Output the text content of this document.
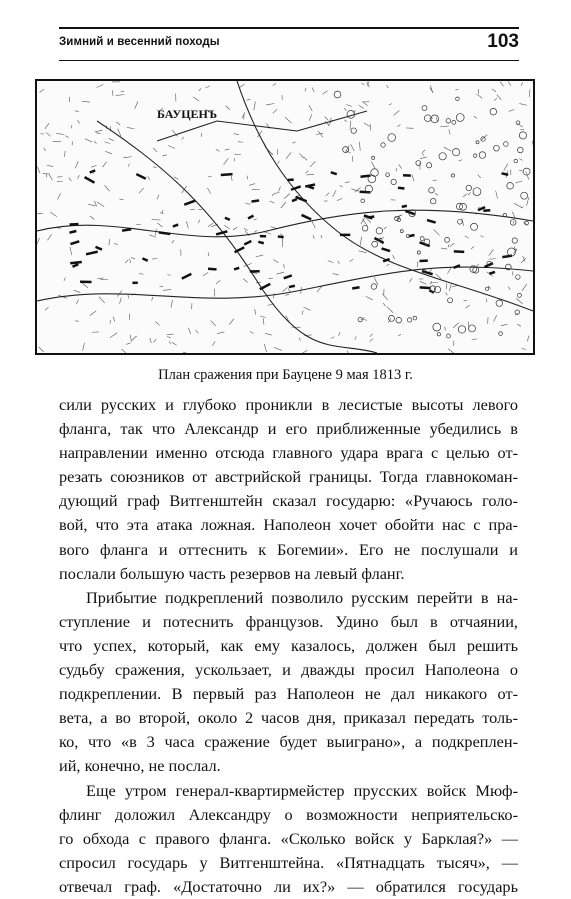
Зимний и весенний походы	103
БАУЦЕНЪ
План сражения при Бауцене 9 мая 1813 г.
сили русских и глубоко проникли в лесистые высоты левого
фланга, так что Александр и его приближенные убедились в
направлении именно отсюда главного удара врага с целью от-
резать союзников от австрийской границы. Тогда главнокоман-
дующий граф Витгенштейн сказал государю: «Ручаюсь голо-
вой, что эта атака ложная. Наполеон хочет обойти нас с пра-
вого фланга и оттеснить к Богемии». Его не послушали и
послали большую часть резервов на левый фланг.
Прибытие подкреплений позволило русским перейти в на-
ступление и потеснить французов. Удино был в отчаянии,
что успех, который, как ему казалось, должен был решить
судьбу сражения, ускользает, и дважды просил Наполеона о
подкреплении. В первый раз Наполеон не дал никакого от-
вета, а во второй, около 2 часов дня, приказал передать толь-
ко, что «в 3 часа сражение будет выиграно», а подкреплен-
ий, конечно, не послал.
Еще утром генерал-квартирмейстер прусских войск Мюф-
флинг доложил Александру о возможности неприятельско-
го обхода с правого фланга. «Сколько войск у Барклая?» —
спросил государь у Витгенштейна. «Пятнадцать тысяч», —
отвечал граф. «Достаточно ли их?» — обратился государь
